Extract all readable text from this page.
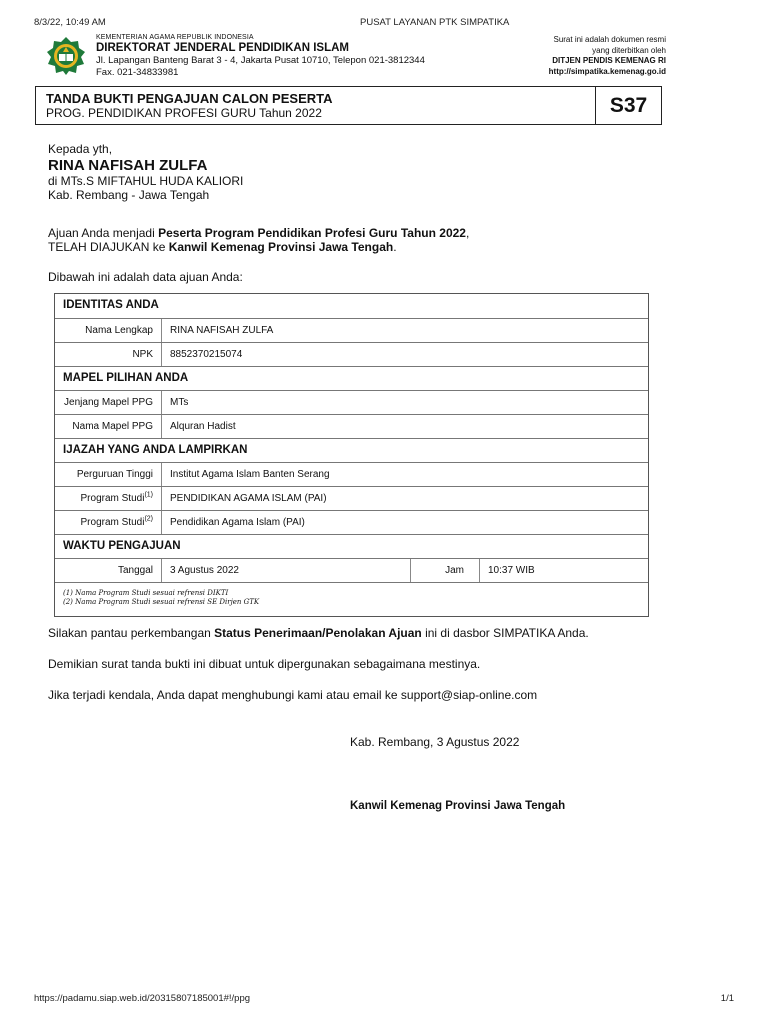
8/3/22, 10:49 AM	PUSAT LAYANAN PTK SIMPATIKA
KEMENTERIAN AGAMA REPUBLIK INDONESIA
DIREKTORAT JENDERAL PENDIDIKAN ISLAM
Jl. Lapangan Banteng Barat 3 - 4, Jakarta Pusat 10710, Telepon 021-3812344
Fax. 021-34833981
Surat ini adalah dokumen resmi
yang diterbitkan oleh
DITJEN PENDIS KEMENAG RI
http://simpatika.kemenag.go.id
TANDA BUKTI PENGAJUAN CALON PESERTA
PROG. PENDIDIKAN PROFESI GURU Tahun 2022	S37
Kepada yth,
RINA NAFISAH ZULFA
di MTs.S MIFTAHUL HUDA KALIORI
Kab. Rembang - Jawa Tengah
Ajuan Anda menjadi Peserta Program Pendidikan Profesi Guru Tahun 2022,
TELAH DIAJUKAN ke Kanwil Kemenag Provinsi Jawa Tengah.
Dibawah ini adalah data ajuan Anda:
IDENTITAS ANDA
Nama Lengkap	RINA NAFISAH ZULFA
NPK	8852370215074
MAPEL PILIHAN ANDA
Jenjang Mapel PPG	MTs
Nama Mapel PPG	Alquran Hadist
IJAZAH YANG ANDA LAMPIRKAN
Perguruan Tinggi	Institut Agama Islam Banten Serang
Program Studi$^{(1)}$	PENDIDIKAN AGAMA ISLAM (PAI)
Program Studi$^{(2)}$	Pendidikan Agama Islam (PAI)
WAKTU PENGAJUAN
Tanggal	3 Agustus 2022	Jam	10:37 WIB
(1) Nama Program Studi sesuai refrensi DIKTI
(2) Nama Program Studi sesuai refrensi SE Dirjen GTK
Silakan pantau perkembangan Status Penerimaan/Penolakan Ajuan ini di dasbor SIMPATIKA Anda.
Demikian surat tanda bukti ini dibuat untuk dipergunakan sebagaimana mestinya.
Jika terjadi kendala, Anda dapat menghubungi kami atau email ke support@siap-online.com
Kab. Rembang, 3 Agustus 2022
Kanwil Kemenag Provinsi Jawa Tengah
https://padamu.siap.web.id/20315807185001#!/ppg	1/1
